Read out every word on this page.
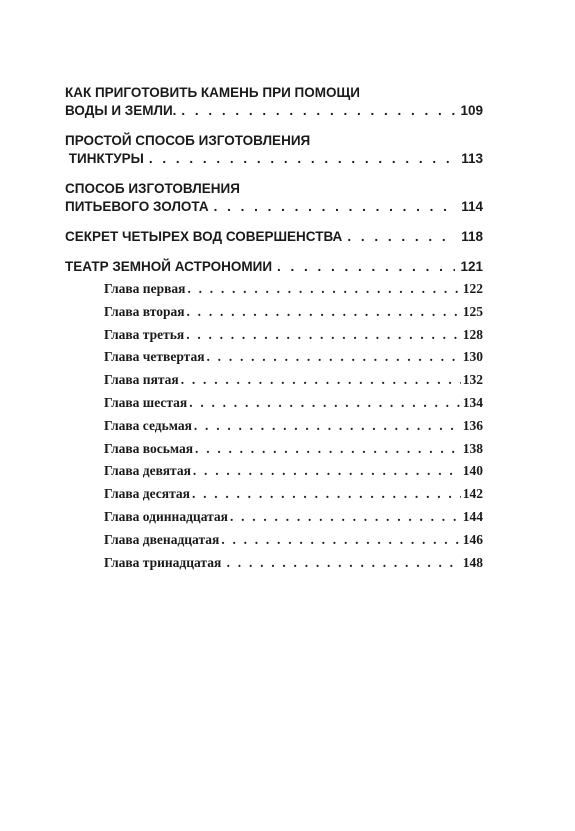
КАК ПРИГОТОВИТЬ КАМЕНЬ ПРИ ПОМОЩИ
ВОДЫ И ЗЕМЛИ. . . .	109
ПРОСТОЙ СПОСОБ ИЗГОТОВЛЕНИЯ
ТИНКТУРЫ . . .	113
СПОСОБ ИЗГОТОВЛЕНИЯ
ПИТЬЕВОГО ЗОЛОТА . . .	114
СЕКРЕТ ЧЕТЫРЕХ ВОД СОВЕРШЕНСТВА . . .	118
ТЕАТР ЗЕМНОЙ АСТРОНОМИИ . . .	121
Глава первая . . .	122
Глава вторая . . .	125
Глава третья . . .	128
Глава четвертая . . .	130
Глава пятая . . .	132
Глава шестая . . .	134
Глава седьмая . . .	136
Глава восьмая . . .	138
Глава девятая . . .	140
Глава десятая . . .	142
Глава одиннадцатая . . .	144
Глава двенадцатая . . .	146
Глава тринадцатая . . .	148
